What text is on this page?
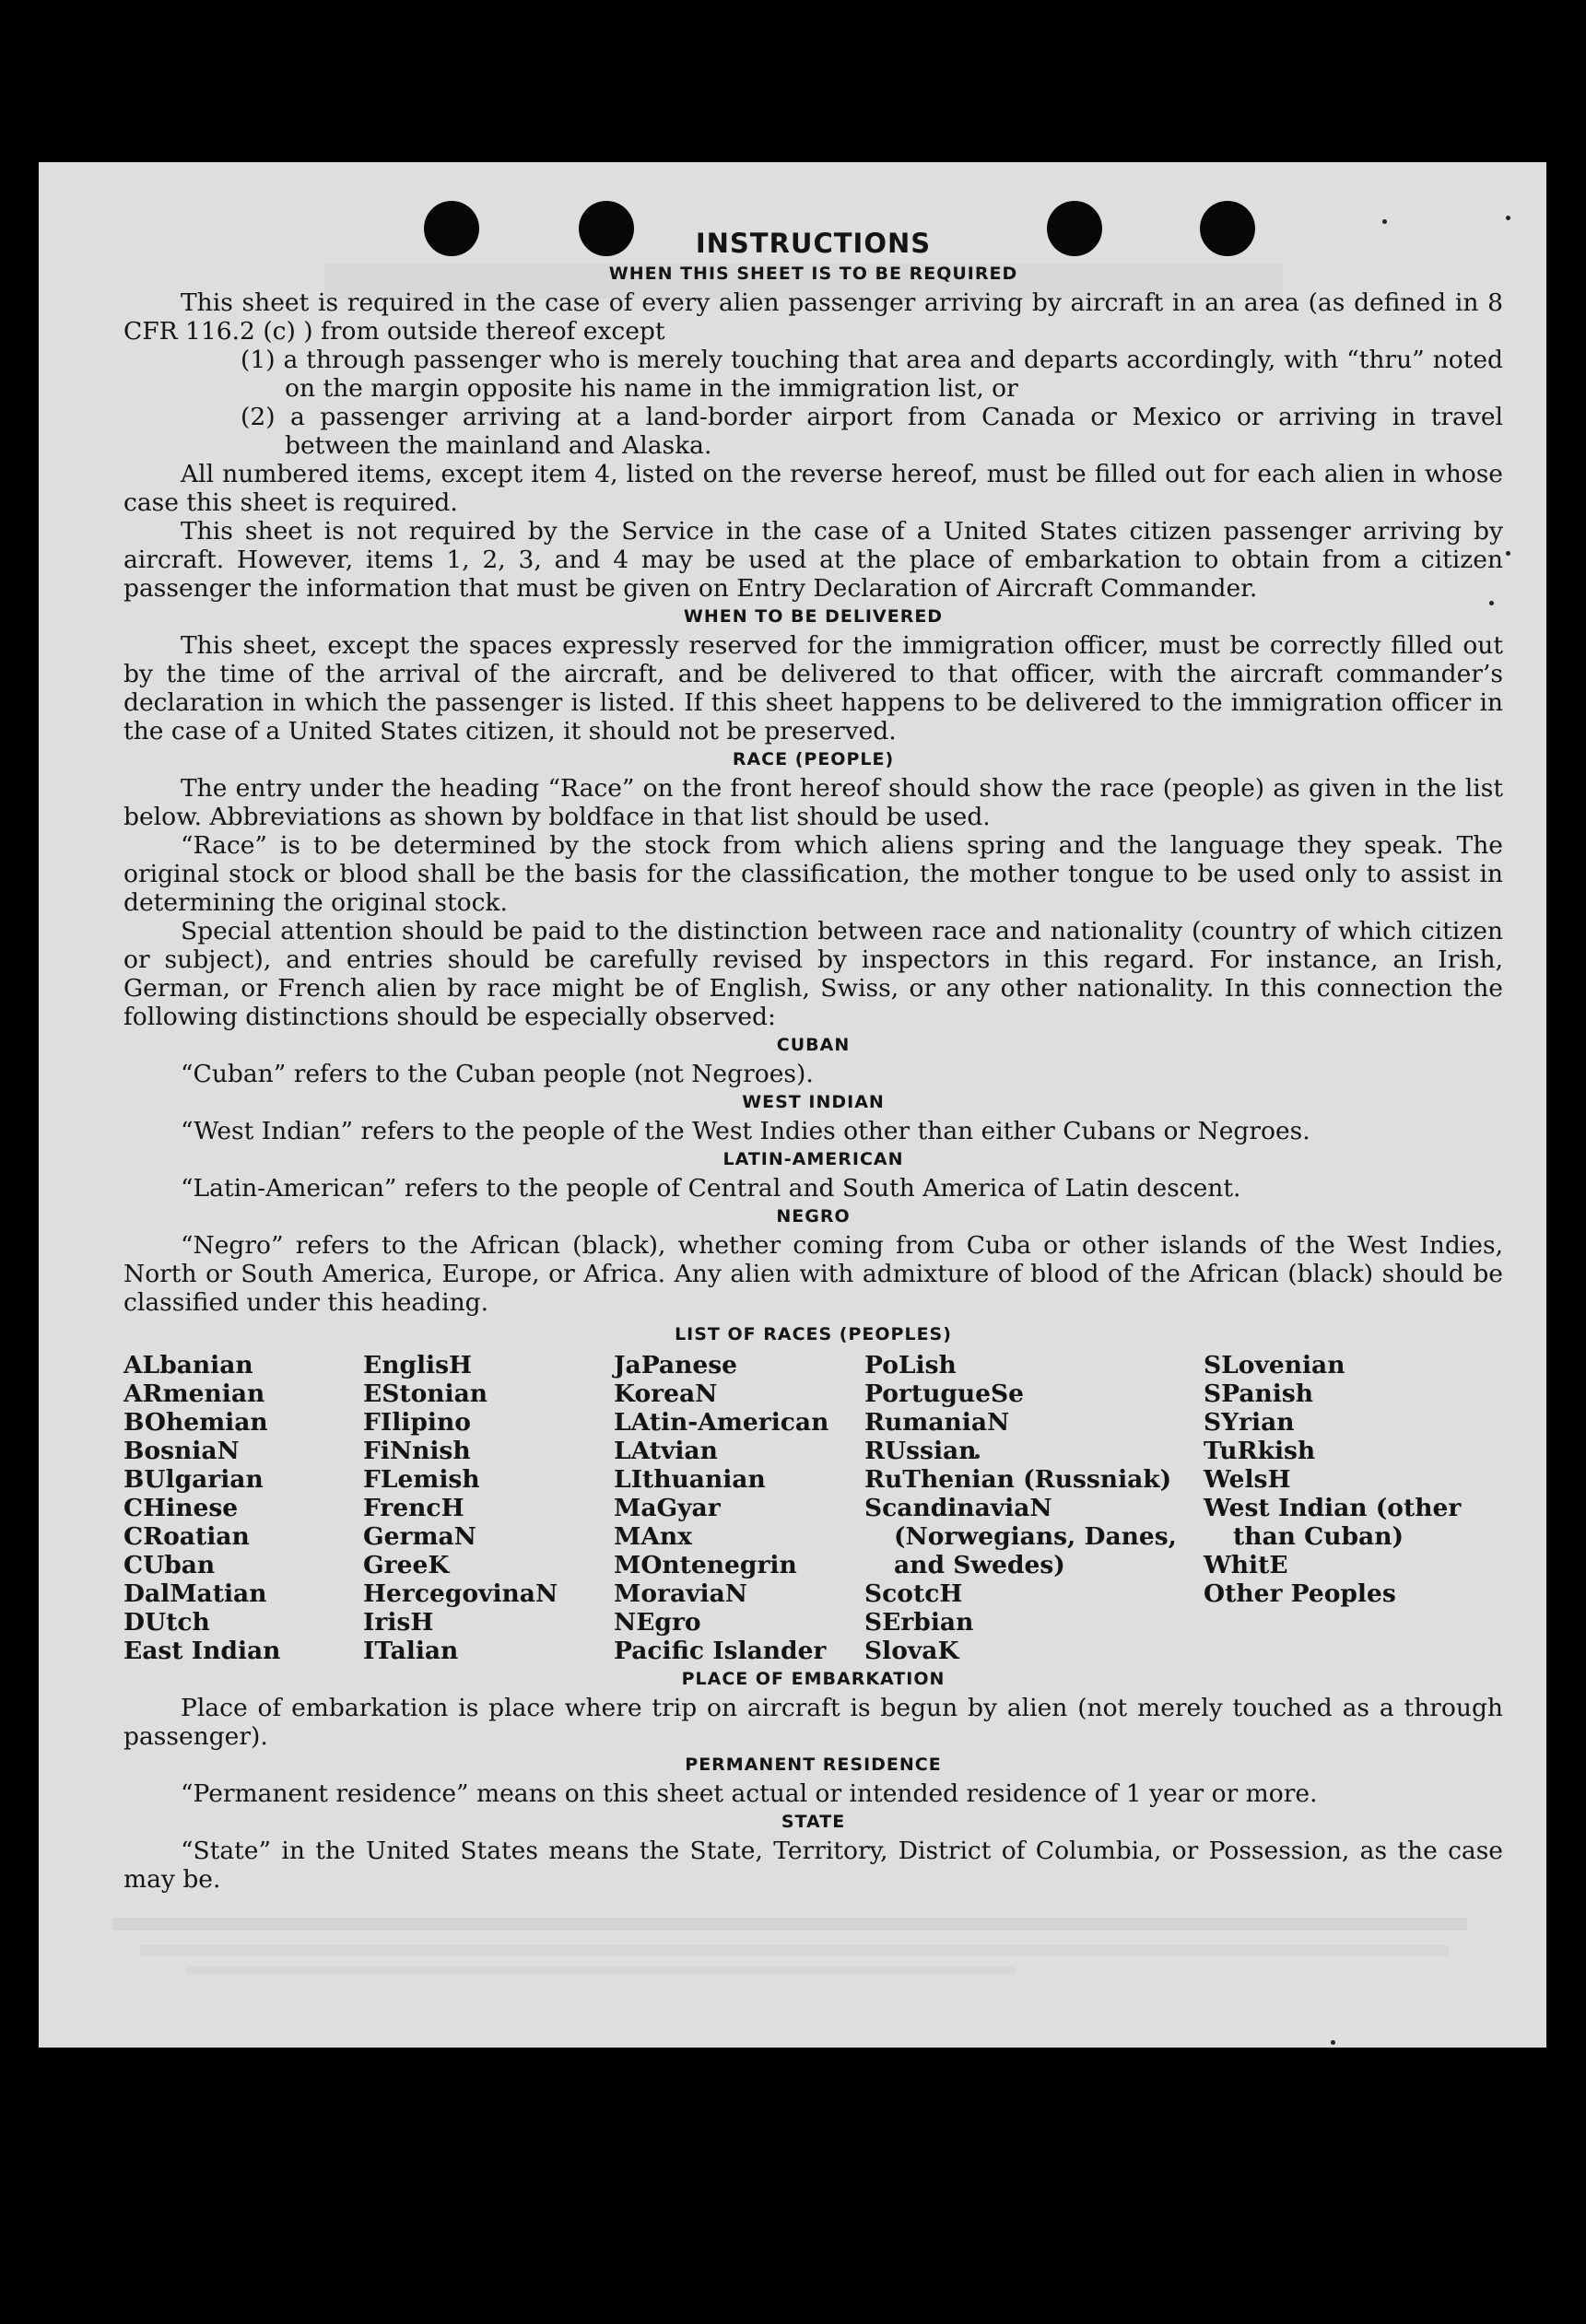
INSTRUCTIONS
WHEN THIS SHEET IS TO BE REQUIRED

This sheet is required in the case of every alien passenger arriving by aircraft in an area (as defined in 8 CFR 116.2 (c) ) from outside thereof except

(1) a through passenger who is merely touching that area and departs accordingly, with “thru” noted on the margin opposite his name in the immigration list, or

(2) a passenger arriving at a land-border airport from Canada or Mexico or arriving in travel between the mainland and Alaska.

All numbered items, except item 4, listed on the reverse hereof, must be filled out for each alien in whose case this sheet is required.

This sheet is not required by the Service in the case of a United States citizen passenger arriving by aircraft. However, items 1, 2, 3, and 4 may be used at the place of embarkation to obtain from a citizen passenger the information that must be given on Entry Declaration of Aircraft Commander.

WHEN TO BE DELIVERED

This sheet, except the spaces expressly reserved for the immigration officer, must be correctly filled out by the time of the arrival of the aircraft, and be delivered to that officer, with the aircraft commander’s declaration in which the passenger is listed. If this sheet happens to be delivered to the immigration officer in the case of a United States citizen, it should not be preserved.

RACE (PEOPLE)

The entry under the heading “Race” on the front hereof should show the race (people) as given in the list below. Abbreviations as shown by boldface in that list should be used.

“Race” is to be determined by the stock from which aliens spring and the language they speak. The original stock or blood shall be the basis for the classification, the mother tongue to be used only to assist in determining the original stock.

Special attention should be paid to the distinction between race and nationality (country of which citizen or subject), and entries should be carefully revised by inspectors in this regard. For instance, an Irish, German, or French alien by race might be of English, Swiss, or any other nationality. In this connection the following distinctions should be especially observed:

CUBAN

“Cuban” refers to the Cuban people (not Negroes).

WEST INDIAN

“West Indian” refers to the people of the West Indies other than either Cubans or Negroes.

LATIN-AMERICAN

“Latin-American” refers to the people of Central and South America of Latin descent.

NEGRO

“Negro” refers to the African (black), whether coming from Cuba or other islands of the West Indies, North or South America, Europe, or Africa. Any alien with admixture of blood of the African (black) should be classified under this heading.

LIST OF RACES (PEOPLES)
ALbanian
ARmenian
BOhemian
BosniaN
BUlgarian
CHinese
CRoatian
CUban
DalMatian
DUtch
East Indian
EnglisH
EStonian
FIlipino
FiNnish
FLemish
FrencH
GermaN
GreeK
HercegovinaN
IrisH
ITalian
JaPanese
KoreaN
LAtin-American
LAtvian
LIthuanian
MaGyar
MAnx
MOntenegrin
MoraviaN
NEgro
Pacific Islander
PoLish
PortugueSe
RumaniaN
RUssian
RuThenian (Russniak)
ScandinaviaN (Norwegians, Danes, and Swedes)
ScotcH
SErbian
SlovaK
SLovenian
SPanish
SYrian
TuRkish
WelsH
West Indian (other than Cuban)
WhitE
Other Peoples
PLACE OF EMBARKATION

Place of embarkation is place where trip on aircraft is begun by alien (not merely touched as a through passenger).

PERMANENT RESIDENCE

“Permanent residence” means on this sheet actual or intended residence of 1 year or more.

STATE

“State” in the United States means the State, Territory, District of Columbia, or Possession, as the case may be.
